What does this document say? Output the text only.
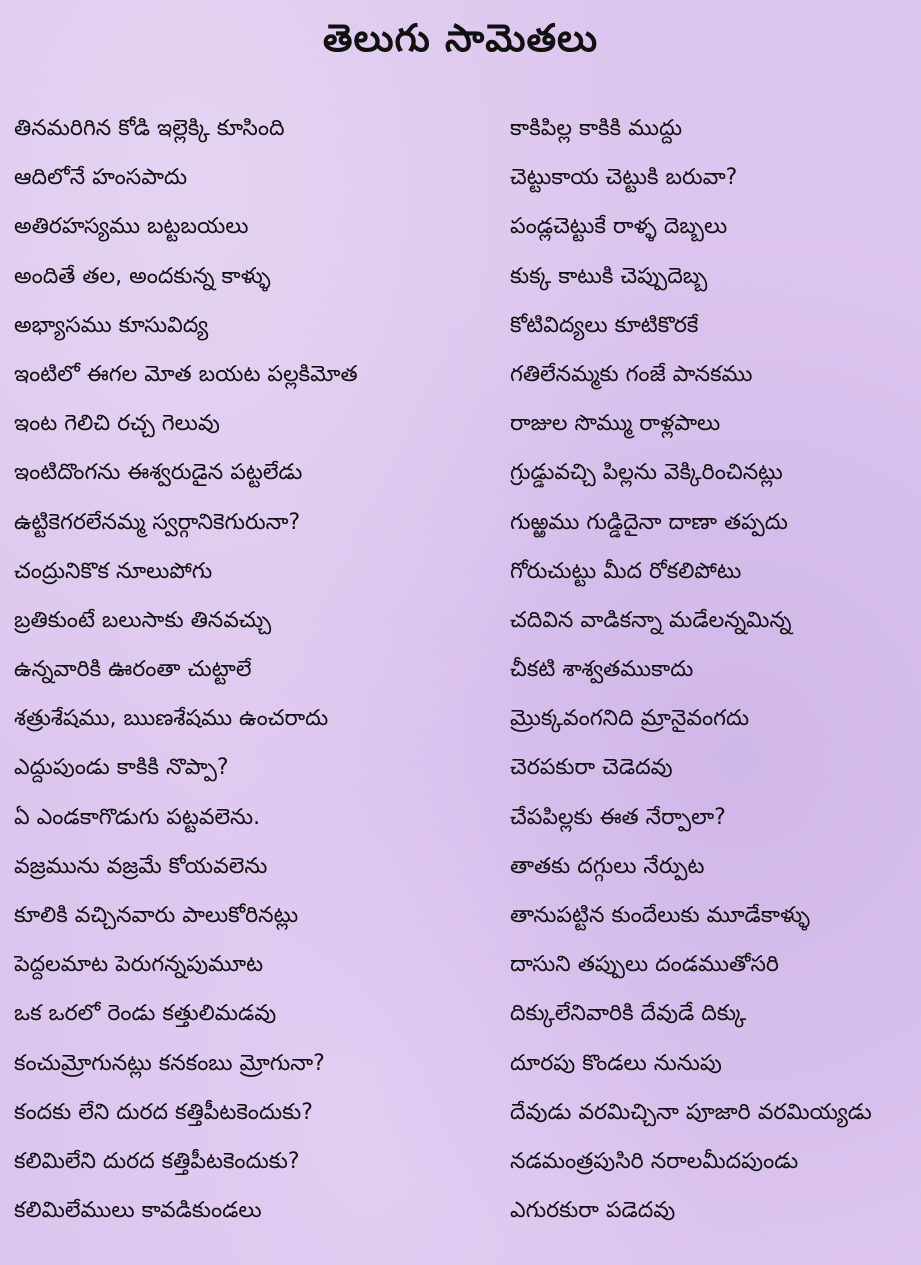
తెలుగు సామెతలు
తినమరిగిన కోడి ఇల్లెక్కి కూసింది
ఆదిలోనే హంసపాదు
అతిరహస్యము బట్టబయలు
అందితే తల, అందకున్న కాళ్ళు
అభ్యాసము కూసువిద్య
ఇంటిలో ఈగల మోత బయట పల్లకిమోత
ఇంట గెలిచి రచ్చ గెలువు
ఇంటిదొంగను ఈశ్వరుడైన పట్టలేడు
ఉట్టికెగరలేనమ్మ స్వర్గానికెగురునా?
చంద్రునికొక నూలుపోగు
బ్రతికుంటే బలుసాకు తినవచ్చు
ఉన్నవారికి ఊరంతా చుట్టాలే
శత్రుశేషము, ఋణశేషము ఉంచరాదు
ఎద్దుపుండు కాకికి నొప్పా?
ఏ ఎండకాగొడుగు పట్టవలెను.
వజ్రమును వజ్రమే కోయవలెను
కూలికి వచ్చినవారు పాలుకోరినట్లు
పెద్దలమాట పెరుగన్నపుమూట
ఒక ఒరలో రెండు కత్తులిమడవు
కంచుమ్రోగునట్లు కనకంబు మ్రోగునా?
కందకు లేని దురద కత్తిపీటకెందుకు?
కలిమిలేని దురద కత్తిపీటకెందుకు?
కలిమిలేములు కావడికుండలు
కాకిపిల్ల కాకికి ముద్దు
చెట్టుకాయ చెట్టుకి బరువా?
పండ్లచెట్టుకే రాళ్ళ దెబ్బలు
కుక్క కాటుకి చెప్పుదెబ్బ
కోటివిద్యలు కూటికొరకే
గతిలేనమ్మకు గంజే పానకము
రాజుల సొమ్ము రాళ్లపాలు
గ్రుడ్డువచ్చి పిల్లను వెక్కిరించినట్లు
గుఱ్ఱము గుడ్డిదైనా దాణా తప్పదు
గోరుచుట్టు మీద రోకలిపోటు
చదివిన వాడికన్నా మడేలన్నమిన్న
చీకటి శాశ్వతముకాదు
మ్రొక్కవంగనిది మ్రానైవంగదు
చెరపకురా చెడెదవు
చేపపిల్లకు ఈత నేర్పాలా?
తాతకు దగ్గులు నేర్పుట
తానుపట్టిన కుందేలుకు మూడేకాళ్ళు
దాసుని తప్పులు దండముతోసరి
దిక్కులేనివారికి దేవుడే దిక్కు
దూరపు కొండలు నునుపు
దేవుడు వరమిచ్చినా పూజారి వరమియ్యడు
నడమంత్రపుసిరి నరాలమీదపుండు
ఎగురకురా పడెదవు
